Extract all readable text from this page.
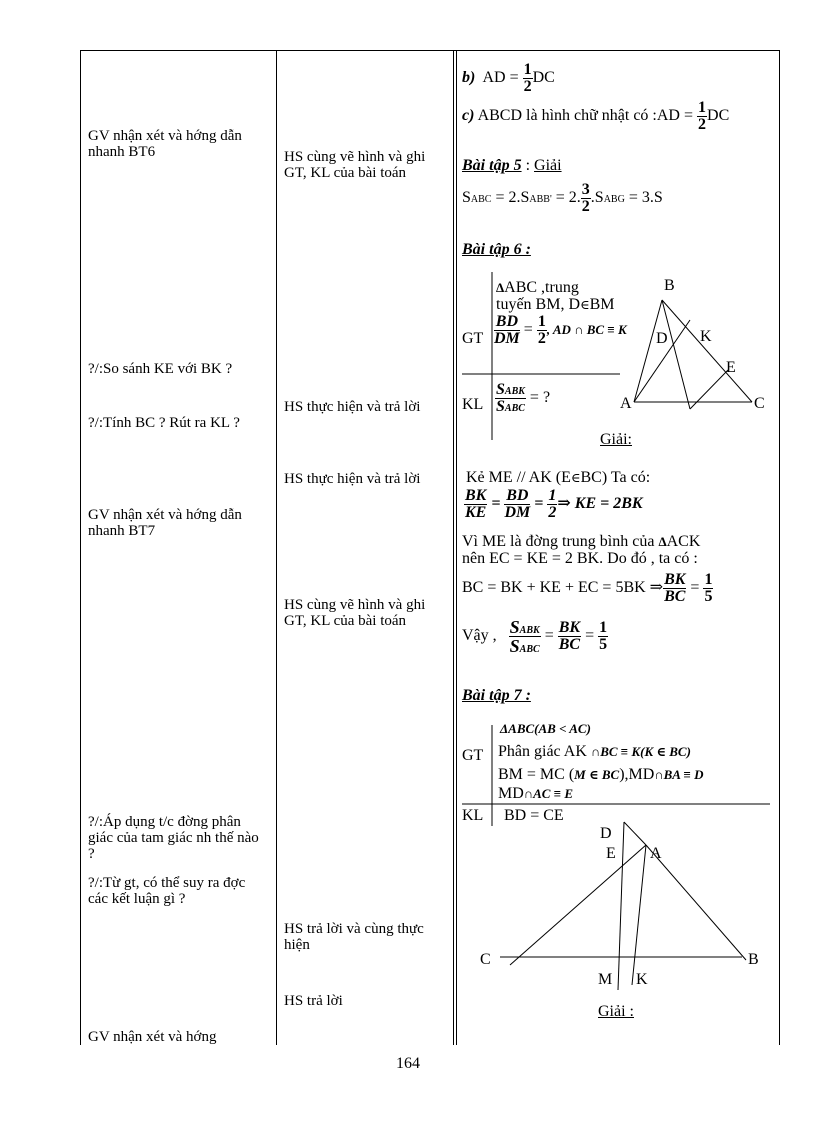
GV nhận xét và hớng dẫn nhanh BT6
?/:So sánh KE với BK ?
?/:Tính BC ? Rút ra KL ?
GV nhận xét và hớng dẫn nhanh BT7
?/:Áp dụng t/c đờng phân giác của tam giác nh thế nào ?
?/:Từ gt, có thể suy ra đợc các kết luận gì ?
GV nhận xét và hớng
HS cùng vẽ hình và ghi GT, KL của bài toán
HS thực hiện và trả lời
HS thực hiện và trả lời
HS cùng vẽ hình và ghi GT, KL của bài toán
HS trả lời và cùng thực hiện
HS trả lời
b) AD = $\frac{1}{2}$ DC
c) ABCD là hình chữ nhật có :AD = $\frac{1}{2}$ DC
Bài tập 5 : Giải
SABC = 2.SABB' = 2. $\frac{3}{2}$ .SABG = 3.S
Bài tập 6 :
ΔABC ,trung
tuyến BM, D∈BM
GT $\frac{BD}{DM} = \frac{1}{2}$ , AD ∩ BC ≡ K
KL $\frac{\text{SABK}}{\text{SABC}}$ = ?
B
D K
E
A	C
Giải:
Kẻ ME // AK (E∈BC) Ta có:
$\frac{BK}{KE} = \frac{BD}{DM} = \frac{1}{2}$ ⇒ KE = 2BK
Vì ME là đờng trung bình của ΔACK
nên EC = KE = 2 BK. Do đó , ta có :
BC = BK + KE + EC = 5BK ⇒ $\frac{BK}{BC} = \frac{1}{5}$
Vậy , $\frac{\text{SABK}}{\text{SABC}} = \frac{BK}{BC} = \frac{1}{5}$
Bài tập 7 :
ΔABC(AB < AC)
GT Phân giác AK ∩BC ≡ K(K ∈ BC)
BM = MC (M ∈ BC),MD∩BA ≡ D
MD∩AC ≡ E
KL BD = CE
D
E A
C	B
M K
Giải :
164
